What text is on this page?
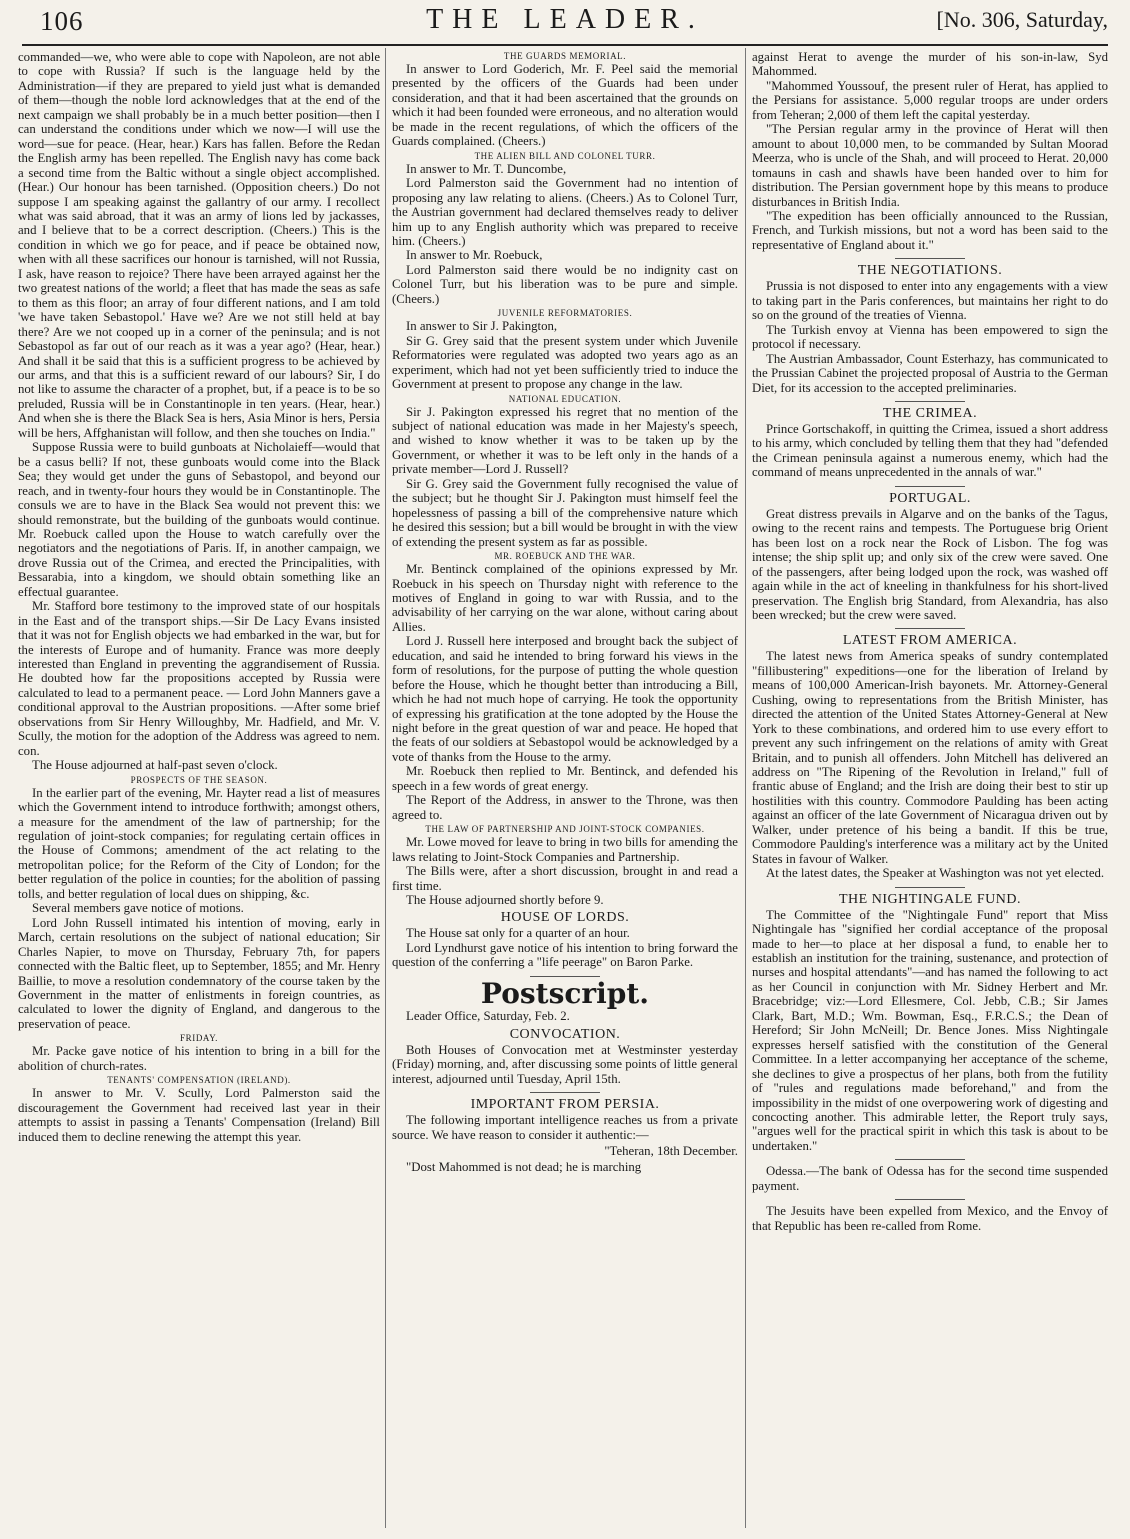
106	THE LEADER.	[No. 306, Saturday,

commanded—we, who were able to cope with Napoleon, are not able to cope with Russia? If such is the language held by the Administration—if they are prepared to yield just what is demanded of them—though the noble lord acknowledges that at the end of the next campaign we shall probably be in a much better position—then I can understand the conditions under which we now—I will use the word—sue for peace. (Hear, hear.) Kars has fallen. Before the Redan the English army has been repelled. The English navy has come back a second time from the Baltic without a single object accomplished. (Hear.) Our honour has been tarnished. (Opposition cheers.) Do not suppose I am speaking against the gallantry of our army. I recollect what was said abroad, that it was an army of lions led by jackasses, and I believe that to be a correct description. (Cheers.) This is the condition in which we go for peace, and if peace be obtained now, when with all these sacrifices our honour is tarnished, will not Russia, I ask, have reason to rejoice? There have been arrayed against her the two greatest nations of the world; a fleet that has made the seas as safe to them as this floor; an array of four different nations, and I am told 'we have taken Sebastopol.' Have we? Are we not still held at bay there? Are we not cooped up in a corner of the peninsula; and is not Sebastopol as far out of our reach as it was a year ago? (Hear, hear.) And shall it be said that this is a sufficient progress to be achieved by our arms, and that this is a sufficient reward of our labours? Sir, I do not like to assume the character of a prophet, but, if a peace is to be so preluded, Russia will be in Constantinople in ten years. (Hear, hear.) And when she is there the Black Sea is hers, Asia Minor is hers, Persia will be hers, Affghanistan will follow, and then she touches on India."

Suppose Russia were to build gunboats at Nicholaieff—would that be a casus belli? If not, these gunboats would come into the Black Sea; they would get under the guns of Sebastopol, and beyond our reach, and in twenty-four hours they would be in Constantinople. The consuls we are to have in the Black Sea would not prevent this: we should remonstrate, but the building of the gunboats would continue. Mr. Roebuck called upon the House to watch carefully over the negotiators and the negotiations of Paris. If, in another campaign, we drove Russia out of the Crimea, and erected the Principalities, with Bessarabia, into a kingdom, we should obtain something like an effectual guarantee.

Mr. Stafford bore testimony to the improved state of our hospitals in the East and of the transport ships.—Sir De Lacy Evans insisted that it was not for English objects we had embarked in the war, but for the interests of Europe and of humanity. France was more deeply interested than England in preventing the aggrandisement of Russia. He doubted how far the propositions accepted by Russia were calculated to lead to a permanent peace. — Lord John Manners gave a conditional approval to the Austrian propositions. —After some brief observations from Sir Henry Willoughby, Mr. Hadfield, and Mr. V. Scully, the motion for the adoption of the Address was agreed to nem. con.

The House adjourned at half-past seven o'clock.

PROSPECTS OF THE SEASON.

In the earlier part of the evening, Mr. Hayter read a list of measures which the Government intend to introduce forthwith; amongst others, a measure for the amendment of the law of partnership; for the regulation of joint-stock companies; for regulating certain offices in the House of Commons; amendment of the act relating to the metropolitan police; for the Reform of the City of London; for the better regulation of the police in counties; for the abolition of passing tolls, and better regulation of local dues on shipping, &c.

Several members gave notice of motions.

Lord John Russell intimated his intention of moving, early in March, certain resolutions on the subject of national education; Sir Charles Napier, to move on Thursday, February 7th, for papers connected with the Baltic fleet, up to September, 1855; and Mr. Henry Baillie, to move a resolution condemnatory of the course taken by the Government in the matter of enlistments in foreign countries, as calculated to lower the dignity of England, and dangerous to the preservation of peace.

FRIDAY.

Mr. Packe gave notice of his intention to bring in a bill for the abolition of church-rates.

TENANTS' COMPENSATION (IRELAND).

In answer to Mr. V. Scully, Lord Palmerston said the discouragement the Government had received last year in their attempts to assist in passing a Tenants' Compensation (Ireland) Bill induced them to decline renewing the attempt this year.

THE GUARDS MEMORIAL.

In answer to Lord Goderich, Mr. F. Peel said the memorial presented by the officers of the Guards had been under consideration, and that it had been ascertained that the grounds on which it had been founded were erroneous, and no alteration would be made in the recent regulations, of which the officers of the Guards complained. (Cheers.)

THE ALIEN BILL AND COLONEL TURR.

In answer to Mr. T. Duncombe,

Lord Palmerston said the Government had no intention of proposing any law relating to aliens. (Cheers.) As to Colonel Turr, the Austrian government had declared themselves ready to deliver him up to any English authority which was prepared to receive him. (Cheers.)

In answer to Mr. Roebuck,

Lord Palmerston said there would be no indignity cast on Colonel Turr, but his liberation was to be pure and simple. (Cheers.)

JUVENILE REFORMATORIES.

In answer to Sir J. Pakington,

Sir G. Grey said that the present system under which Juvenile Reformatories were regulated was adopted two years ago as an experiment, which had not yet been sufficiently tried to induce the Government at present to propose any change in the law.

NATIONAL EDUCATION.

Sir J. Pakington expressed his regret that no mention of the subject of national education was made in her Majesty's speech, and wished to know whether it was to be taken up by the Government, or whether it was to be left only in the hands of a private member—Lord J. Russell?

Sir G. Grey said the Government fully recognised the value of the subject; but he thought Sir J. Pakington must himself feel the hopelessness of passing a bill of the comprehensive nature which he desired this session; but a bill would be brought in with the view of extending the present system as far as possible.

MR. ROEBUCK AND THE WAR.

Mr. Bentinck complained of the opinions expressed by Mr. Roebuck in his speech on Thursday night with reference to the motives of England in going to war with Russia, and to the advisability of her carrying on the war alone, without caring about Allies.

Lord J. Russell here interposed and brought back the subject of education, and said he intended to bring forward his views in the form of resolutions, for the purpose of putting the whole question before the House, which he thought better than introducing a Bill, which he had not much hope of carrying. He took the opportunity of expressing his gratification at the tone adopted by the House the night before in the great question of war and peace. He hoped that the feats of our soldiers at Sebastopol would be acknowledged by a vote of thanks from the House to the army.

Mr. Roebuck then replied to Mr. Bentinck, and defended his speech in a few words of great energy.

The Report of the Address, in answer to the Throne, was then agreed to.

THE LAW OF PARTNERSHIP AND JOINT-STOCK COMPANIES.

Mr. Lowe moved for leave to bring in two bills for amending the laws relating to Joint-Stock Companies and Partnership.

The Bills were, after a short discussion, brought in and read a first time.

The House adjourned shortly before 9.

HOUSE OF LORDS.

The House sat only for a quarter of an hour.

Lord Lyndhurst gave notice of his intention to bring forward the question of the conferring a "life peerage" on Baron Parke.

Postscript.

Leader Office, Saturday, Feb. 2.

CONVOCATION.

Both Houses of Convocation met at Westminster yesterday (Friday) morning, and, after discussing some points of little general interest, adjourned until Tuesday, April 15th.

IMPORTANT FROM PERSIA.

The following important intelligence reaches us from a private source. We have reason to consider it authentic:—

"Teheran, 18th December.

"Dost Mahommed is not dead; he is marching

against Herat to avenge the murder of his son-in-law, Syd Mahommed.

"Mahommed Youssouf, the present ruler of Herat, has applied to the Persians for assistance. 5,000 regular troops are under orders from Teheran; 2,000 of them left the capital yesterday.

"The Persian regular army in the province of Herat will then amount to about 10,000 men, to be commanded by Sultan Moorad Meerza, who is uncle of the Shah, and will proceed to Herat. 20,000 tomauns in cash and shawls have been handed over to him for distribution. The Persian government hope by this means to produce disturbances in British India.

"The expedition has been officially announced to the Russian, French, and Turkish missions, but not a word has been said to the representative of England about it."

THE NEGOTIATIONS.

Prussia is not disposed to enter into any engagements with a view to taking part in the Paris conferences, but maintains her right to do so on the ground of the treaties of Vienna.

The Turkish envoy at Vienna has been empowered to sign the protocol if necessary.

The Austrian Ambassador, Count Esterhazy, has communicated to the Prussian Cabinet the projected proposal of Austria to the German Diet, for its accession to the accepted preliminaries.

THE CRIMEA.

Prince Gortschakoff, in quitting the Crimea, issued a short address to his army, which concluded by telling them that they had "defended the Crimean peninsula against a numerous enemy, which had the command of means unprecedented in the annals of war."

PORTUGAL.

Great distress prevails in Algarve and on the banks of the Tagus, owing to the recent rains and tempests. The Portuguese brig Orient has been lost on a rock near the Rock of Lisbon. The fog was intense; the ship split up; and only six of the crew were saved. One of the passengers, after being lodged upon the rock, was washed off again while in the act of kneeling in thankfulness for his short-lived preservation. The English brig Standard, from Alexandria, has also been wrecked; but the crew were saved.

LATEST FROM AMERICA.

The latest news from America speaks of sundry contemplated "fillibustering" expeditions—one for the liberation of Ireland by means of 100,000 American-Irish bayonets. Mr. Attorney-General Cushing, owing to representations from the British Minister, has directed the attention of the United States Attorney-General at New York to these combinations, and ordered him to use every effort to prevent any such infringement on the relations of amity with Great Britain, and to punish all offenders. John Mitchell has delivered an address on "The Ripening of the Revolution in Ireland," full of frantic abuse of England; and the Irish are doing their best to stir up hostilities with this country. Commodore Paulding has been acting against an officer of the late Government of Nicaragua driven out by Walker, under pretence of his being a bandit. If this be true, Commodore Paulding's interference was a military act by the United States in favour of Walker.

At the latest dates, the Speaker at Washington was not yet elected.

THE NIGHTINGALE FUND.

The Committee of the "Nightingale Fund" report that Miss Nightingale has "signified her cordial acceptance of the proposal made to her—to place at her disposal a fund, to enable her to establish an institution for the training, sustenance, and protection of nurses and hospital attendants"—and has named the following to act as her Council in conjunction with Mr. Sidney Herbert and Mr. Bracebridge; viz:—Lord Ellesmere, Col. Jebb, C.B.; Sir James Clark, Bart, M.D.; Wm. Bowman, Esq., F.R.C.S.; the Dean of Hereford; Sir John McNeill; Dr. Bence Jones. Miss Nightingale expresses herself satisfied with the constitution of the General Committee. In a letter accompanying her acceptance of the scheme, she declines to give a prospectus of her plans, both from the futility of "rules and regulations made beforehand," and from the impossibility in the midst of one overpowering work of digesting and concocting another. This admirable letter, the Report truly says, "argues well for the practical spirit in which this task is about to be undertaken."

Odessa.—The bank of Odessa has for the second time suspended payment.

The Jesuits have been expelled from Mexico, and the Envoy of that Republic has been re-called from Rome.
